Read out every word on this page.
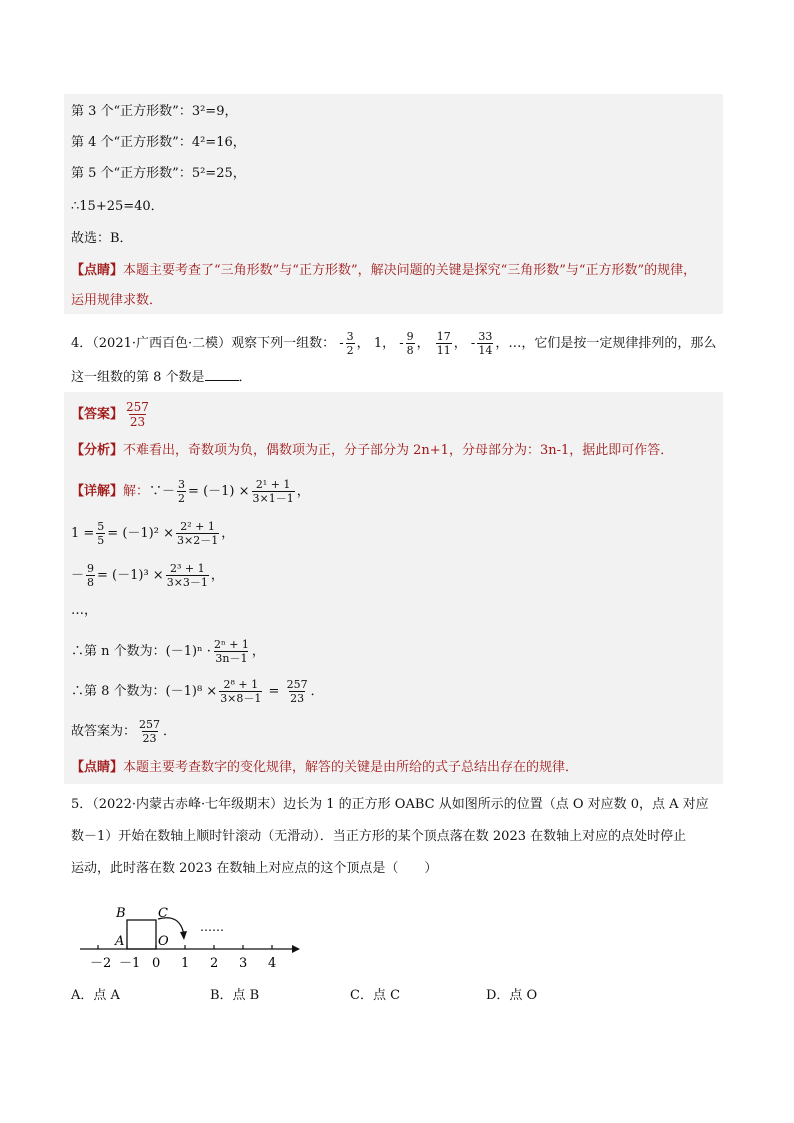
第 3 个“正方形数”：3²=9，
第 4 个“正方形数”：4²=16，
第 5 个“正方形数”：5²=25，
∴15+25=40．
故选：B．
【点睛】本题主要考查了“三角形数”与“正方形数”，解决问题的关键是探究“三角形数”与“正方形数”的规律，
运用规律求数．
4．（2021·广西百色·二模）观察下列一组数： - $\frac{3}{2}$ ， 1， - $\frac{9}{8}$ ， $\frac{17}{11}$ ， - $\frac{33}{14}$ ，…，它们是按一定规律排列的，那么
这一组数的第 8 个数是	．
【答案】 $\frac{257}{23}$
【分析】不难看出，奇数项为负，偶数项为正，分子部分为 2n+1，分母部分为：3n-1，据此即可作答．
【详解】解：∵－ $\frac{3}{2} = (-1) \times \frac{\text{2¹ + 1}}{3\times 1-1}$ ，
$1 = \frac{5}{5} = (-1)^2 \times \frac{\text{2² + 1}}{3\times 2-1}$ ，
－ $\frac{9}{8} = (-1)^3 \times \frac{\text{2³ + 1}}{3\times 3-1}$ ，
…，
∴第 n 个数为：$(-1)^n \cdot \frac{\text{2ⁿ + 1}}{3n-1}$ ，
∴第 8 个数为：$(-1)^8 \times \frac{\text{2⁸ + 1}}{3\times 8-1} = \frac{257}{23}$ ．
故答案为： $\frac{257}{23}$ ．
【点睛】本题主要考查数字的变化规律，解答的关键是由所给的式子总结出存在的规律．
5．（2022·内蒙古赤峰·七年级期末）边长为 1 的正方形 OABC 从如图所示的位置（点 O 对应数 0，点 A 对应
数－1）开始在数轴上顺时针滚动（无滑动）．当正方形的某个顶点落在数 2023 在数轴上对应的点处时停止
运动，此时落在数 2023 在数轴上对应点的这个顶点是（　　）
B C
A	O
……
－2 －1 0 1 2 3 4
A．点 A	B．点 B	C．点 C	D．点 O
